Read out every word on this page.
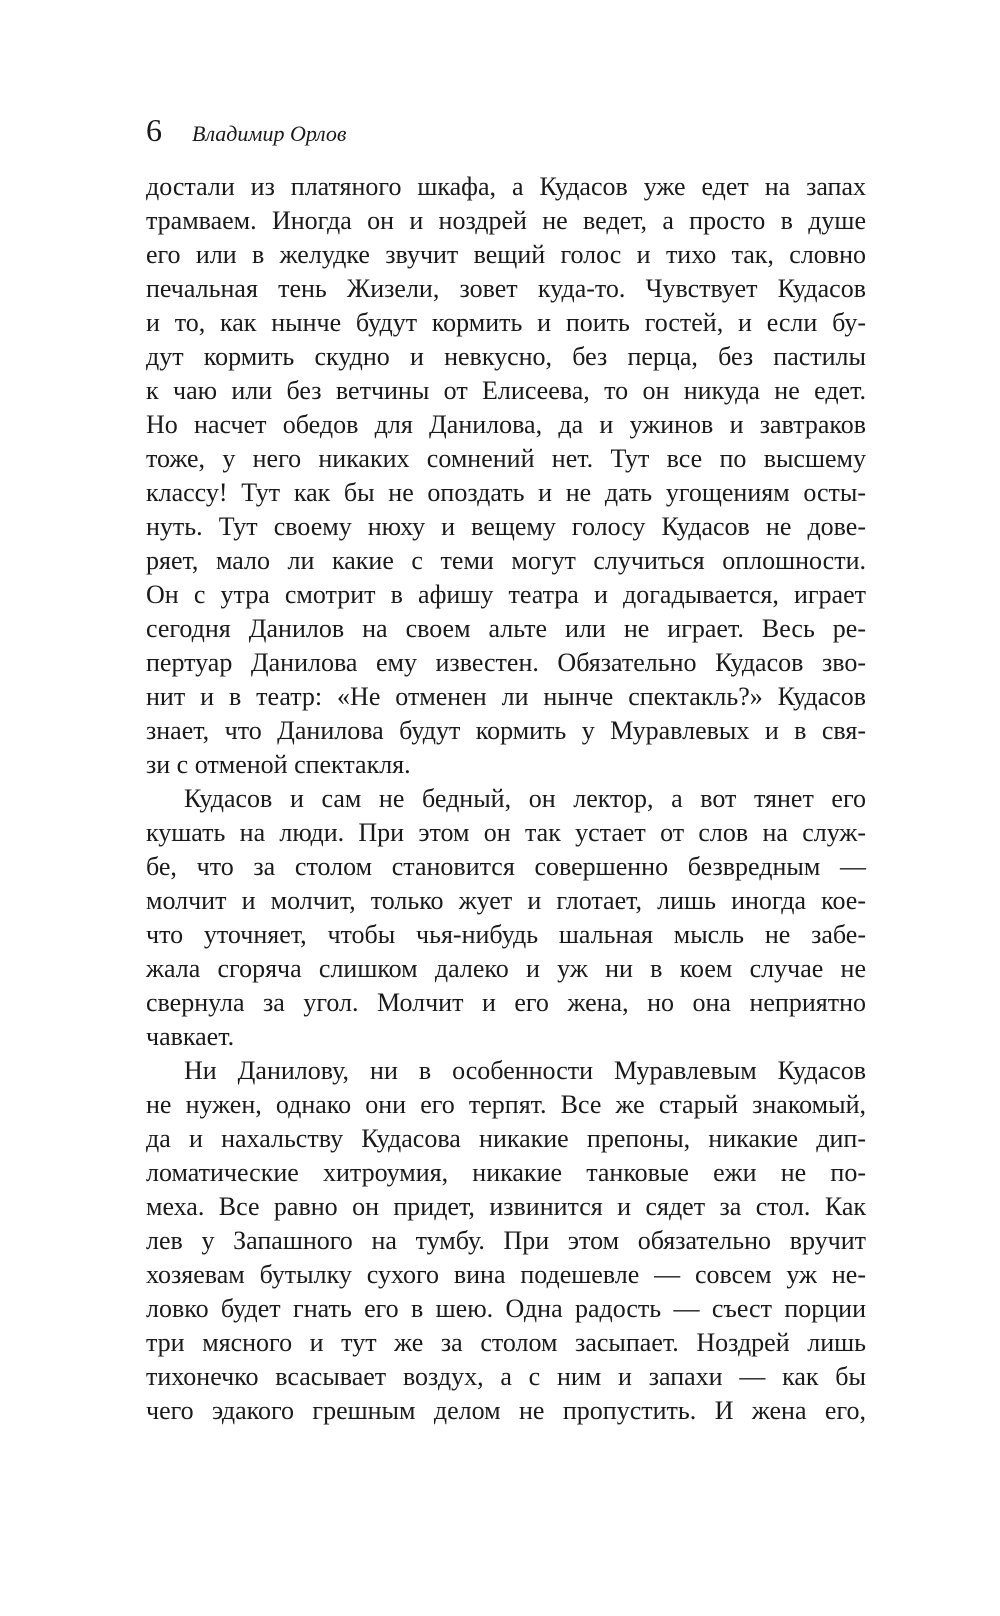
6 Владимир Орлов
достали из платяного шкафа, а Кудасов уже едет на запах
трамваем. Иногда он и ноздрей не ведет, а просто в душе
его или в желудке звучит вещий голос и тихо так, словно
печальная тень Жизели, зовет куда-то. Чувствует Кудасов
и то, как нынче будут кормить и поить гостей, и если бу-
дут кормить скудно и невкусно, без перца, без пастилы
к чаю или без ветчины от Елисеева, то он никуда не едет.
Но насчет обедов для Данилова, да и ужинов и завтраков
тоже, у него никаких сомнений нет. Тут все по высшему
классу! Тут как бы не опоздать и не дать угощениям осты-
нуть. Тут своему нюху и вещему голосу Кудасов не дове-
ряет, мало ли какие с теми могут случиться оплошности.
Он с утра смотрит в афишу театра и догадывается, играет
сегодня Данилов на своем альте или не играет. Весь ре-
пертуар Данилова ему известен. Обязательно Кудасов зво-
нит и в театр: «Не отменен ли нынче спектакль?» Кудасов
знает, что Данилова будут кормить у Муравлевых и в свя-
зи с отменой спектакля.
Кудасов и сам не бедный, он лектор, а вот тянет его
кушать на люди. При этом он так устает от слов на служ-
бе, что за столом становится совершенно безвредным —
молчит и молчит, только жует и глотает, лишь иногда кое-
что уточняет, чтобы чья-нибудь шальная мысль не забе-
жала сгоряча слишком далеко и уж ни в коем случае не
свернула за угол. Молчит и его жена, но она неприятно
чавкает.
Ни Данилову, ни в особенности Муравлевым Кудасов
не нужен, однако они его терпят. Все же старый знакомый,
да и нахальству Кудасова никакие препоны, никакие дип-
ломатические хитроумия, никакие танковые ежи не по-
меха. Все равно он придет, извинится и сядет за стол. Как
лев у Запашного на тумбу. При этом обязательно вручит
хозяевам бутылку сухого вина подешевле — совсем уж не-
ловко будет гнать его в шею. Одна радость — съест порции
три мясного и тут же за столом засыпает. Ноздрей лишь
тихонечко всасывает воздух, а с ним и запахи — как бы
чего эдакого грешным делом не пропустить. И жена его,
